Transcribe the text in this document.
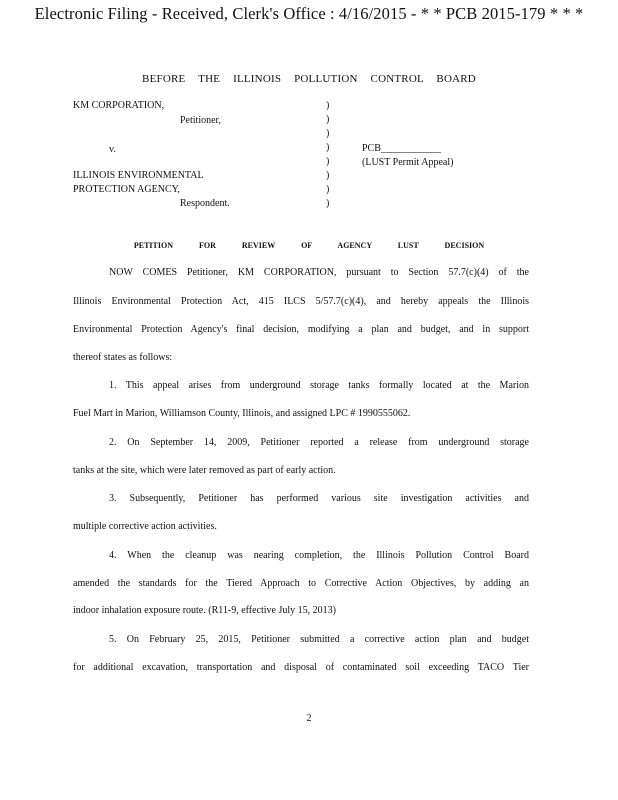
Electronic Filing - Received, Clerk's Office : 4/16/2015 - * * PCB 2015-179 * * *
BEFORE THE ILLINOIS POLLUTION CONTROL BOARD
KM CORPORATION,
Petitioner,
v.
ILLINOIS ENVIRONMENTAL
PROTECTION AGENCY,
Respondent.
)
)
)
)
)
)
)
)
PCB____________
(LUST Permit Appeal)
PETITION FOR REVIEW OF AGENCY LUST DECISION
NOW COMES Petitioner, KM CORPORATION, pursuant to Section 57.7(c)(4) of the
Illinois Environmental Protection Act, 415 ILCS 5/57.7(c)(4), and hereby appeals the Illinois
Environmental Protection Agency's final decision, modifying a plan and budget, and in support
thereof states as follows:
1. This appeal arises from underground storage tanks formally located at the Marion
Fuel Mart in Marion, Williamson County, Illinois, and assigned LPC # 1990555062.
2. On September 14, 2009, Petitioner reported a release from underground storage
tanks at the site, which were later removed as part of early action.
3. Subsequently, Petitioner has performed various site investigation activities and
multiple corrective action activities.
4. When the cleanup was nearing completion, the Illinois Pollution Control Board
amended the standards for the Tiered Approach to Corrective Action Objectives, by adding an
indoor inhalation exposure route. (R11-9, effective July 15, 2013)
5. On February 25, 2015, Petitioner submitted a corrective action plan and budget
for additional excavation, transportation and disposal of contaminated soil exceeding TACO Tier
2
